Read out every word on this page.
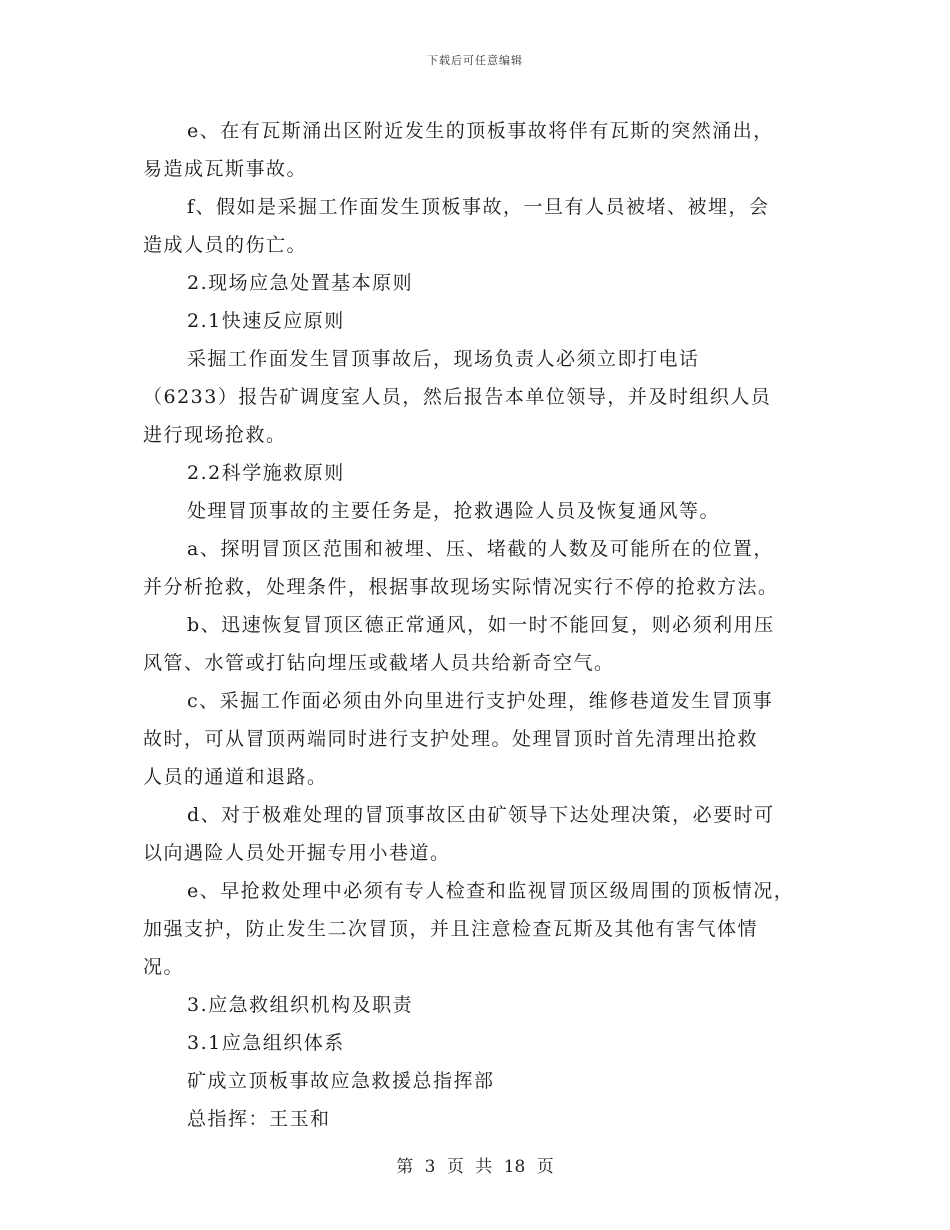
下载后可任意编辑

e、在有瓦斯涌出区附近发生的顶板事故将伴有瓦斯的突然涌出，

易造成瓦斯事故。

f、假如是采掘工作面发生顶板事故，一旦有人员被堵、被埋，会

造成人员的伤亡。

2.现场应急处置基本原则

2.1快速反应原则

采掘工作面发生冒顶事故后，现场负责人必须立即打电话

（6233）报告矿调度室人员，然后报告本单位领导，并及时组织人员

进行现场抢救。

2.2科学施救原则

处理冒顶事故的主要任务是，抢救遇险人员及恢复通风等。

a、探明冒顶区范围和被埋、压、堵截的人数及可能所在的位置，

并分析抢救，处理条件，根据事故现场实际情况实行不停的抢救方法。

b、迅速恢复冒顶区德正常通风，如一时不能回复，则必须利用压

风管、水管或打钻向埋压或截堵人员共给新奇空气。

c、采掘工作面必须由外向里进行支护处理，维修巷道发生冒顶事

故时，可从冒顶两端同时进行支护处理。处理冒顶时首先清理出抢救

人员的通道和退路。

d、对于极难处理的冒顶事故区由矿领导下达处理决策，必要时可

以向遇险人员处开掘专用小巷道。

e、早抢救处理中必须有专人检查和监视冒顶区级周围的顶板情况，

加强支护，防止发生二次冒顶，并且注意检查瓦斯及其他有害气体情

况。

3.应急救组织机构及职责

3.1应急组织体系

矿成立顶板事故应急救援总指挥部

总指挥：王玉和

第 3 页 共 18 页
